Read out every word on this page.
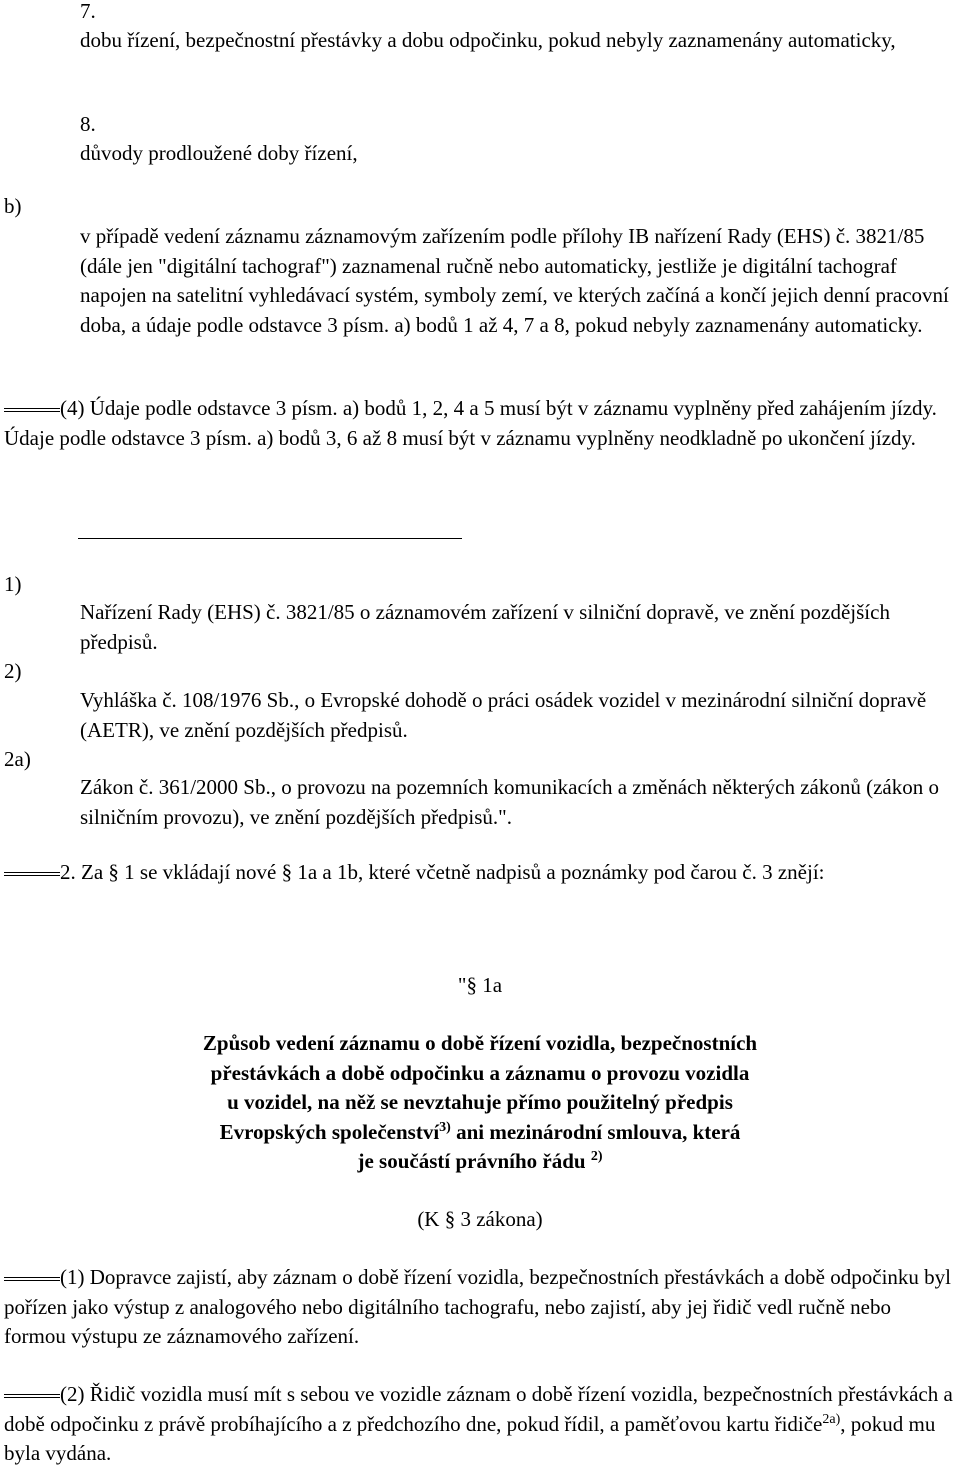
7.
dobu řízení, bezpečnostní přestávky a dobu odpočinku, pokud nebyly zaznamenány automaticky,
8.
důvody prodloužené doby řízení,
b)
v případě vedení záznamu záznamovým zařízením podle přílohy IB nařízení Rady (EHS) č. 3821/85 (dále jen "digitální tachograf") zaznamenal ručně nebo automaticky, jestliže je digitální tachograf napojen na satelitní vyhledávací systém, symboly zemí, ve kterých začíná a končí jejich denní pracovní doba, a údaje podle odstavce 3 písm. a) bodů 1 až 4, 7 a 8, pokud nebyly zaznamenány automaticky.
(4) Údaje podle odstavce 3 písm. a) bodů 1, 2, 4 a 5 musí být v záznamu vyplněny před zahájením jízdy. Údaje podle odstavce 3 písm. a) bodů 3, 6 až 8 musí být v záznamu vyplněny neodkladně po ukončení jízdy.
1)
Nařízení Rady (EHS) č. 3821/85 o záznamovém zařízení v silniční dopravě, ve znění pozdějších předpisů.
2)
Vyhláška č. 108/1976 Sb., o Evropské dohodě o práci osádek vozidel v mezinárodní silniční dopravě (AETR), ve znění pozdějších předpisů.
2a)
Zákon č. 361/2000 Sb., o provozu na pozemních komunikacích a změnách některých zákonů (zákon o silničním provozu), ve znění pozdějších předpisů.".
2. Za § 1 se vkládají nové § 1a a 1b, které včetně nadpisů a poznámky pod čarou č. 3 znějí:
"§ 1a
Způsob vedení záznamu o době řízení vozidla, bezpečnostních
přestávkách a době odpočinku a záznamu o provozu vozidla
u vozidel, na něž se nevztahuje přímo použitelný předpis
Evropských společenství$^{3)}$ ani mezinárodní smlouva, která
je součástí právního řádu $^{2)}$
(K § 3 zákona)
(1) Dopravce zajistí, aby záznam o době řízení vozidla, bezpečnostních přestávkách a době odpočinku byl pořízen jako výstup z analogového nebo digitálního tachografu, nebo zajistí, aby jej řidič vedl ručně nebo formou výstupu ze záznamového zařízení.
(2) Řidič vozidla musí mít s sebou ve vozidle záznam o době řízení vozidla, bezpečnostních přestávkách a době odpočinku z právě probíhajícího a z předchozího dne, pokud řídil, a paměťovou kartu řidiče$^{2a)}$, pokud mu byla vydána.
